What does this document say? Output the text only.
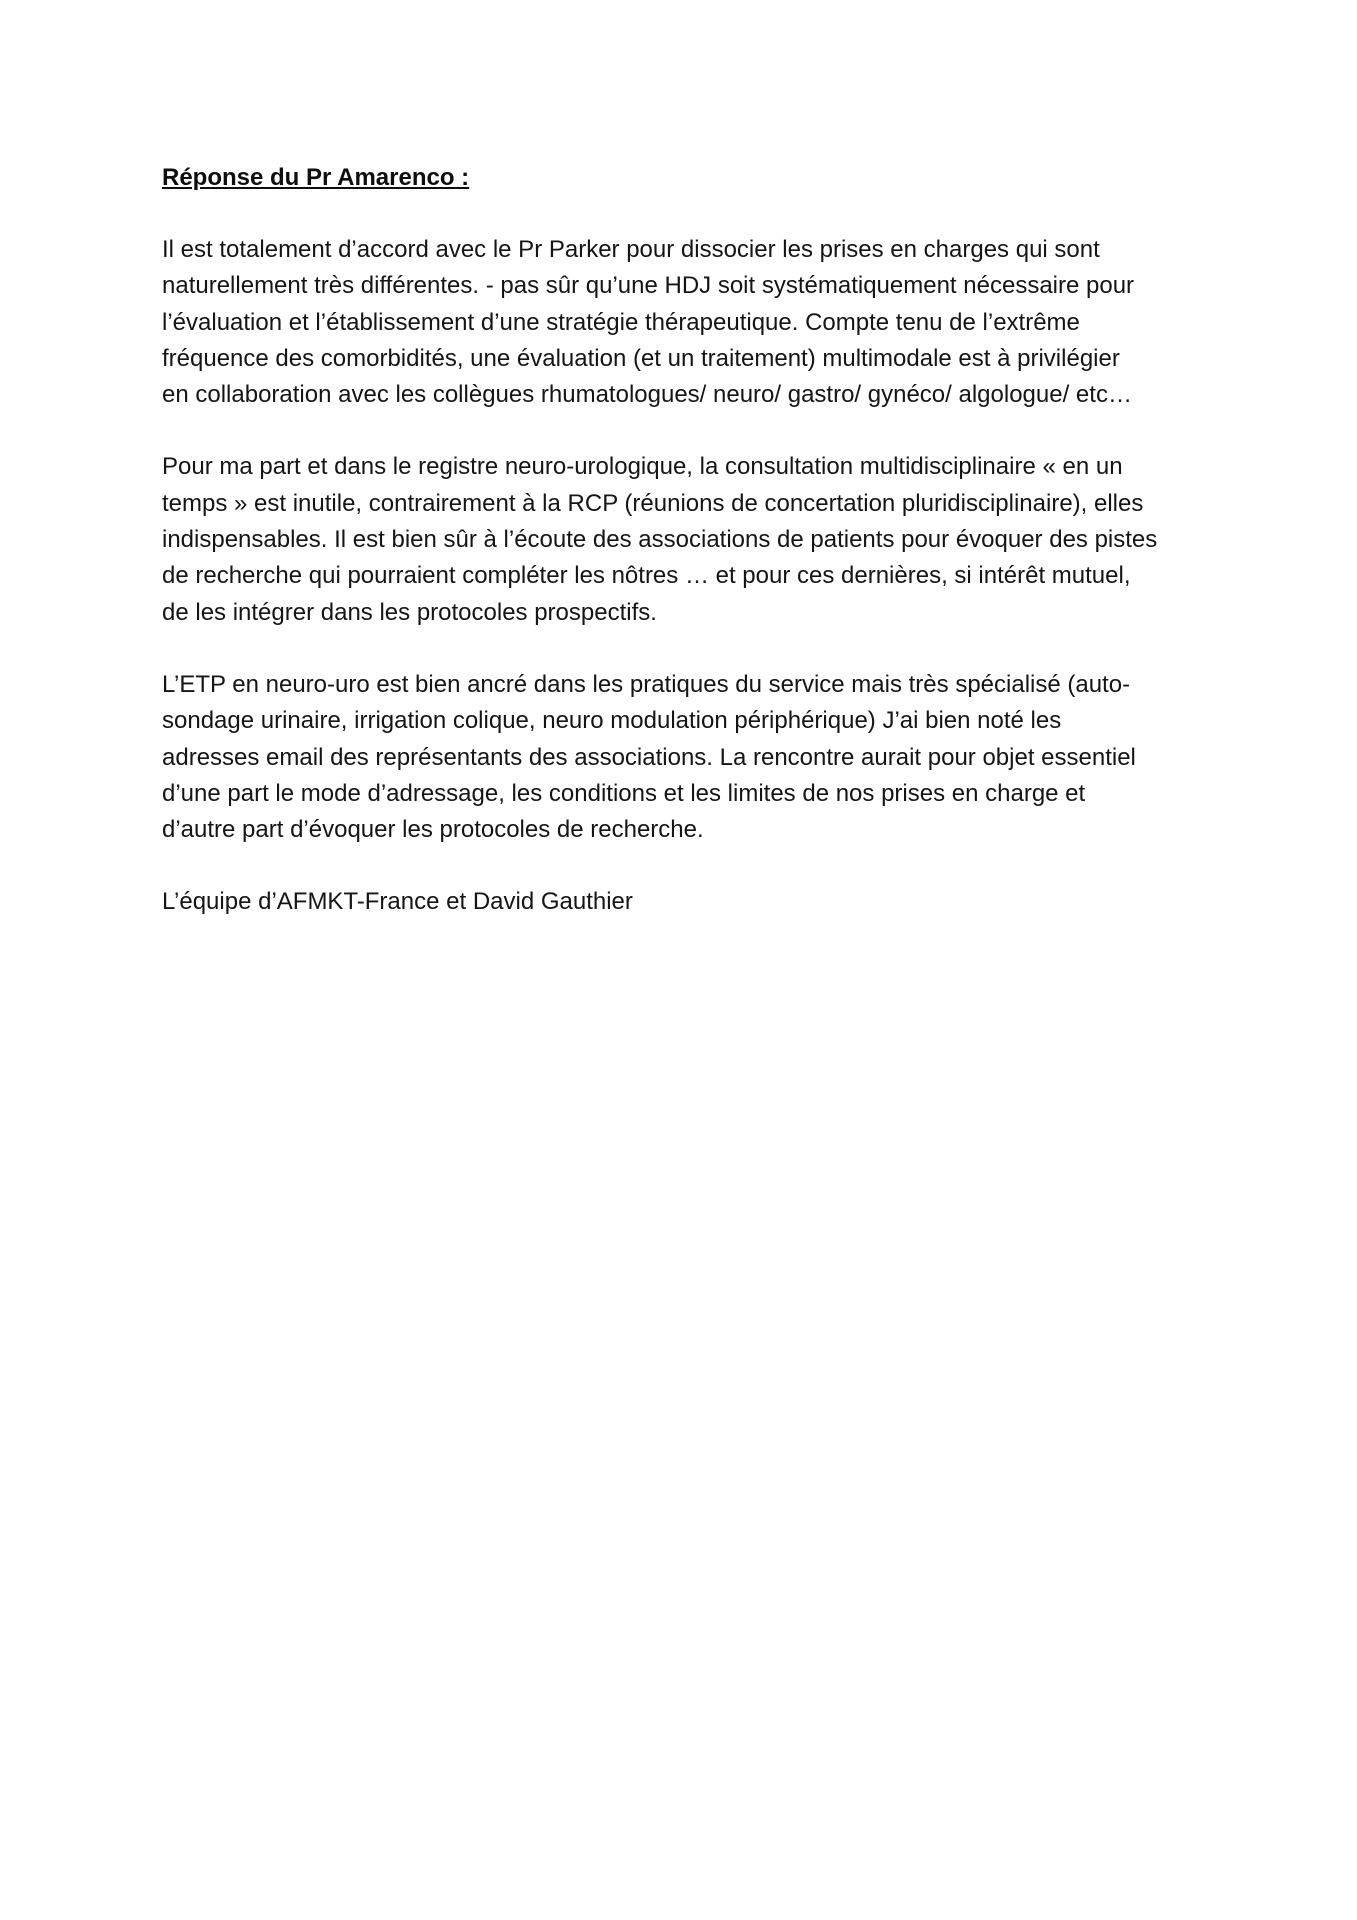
Réponse du Pr Amarenco :
Il est totalement d’accord avec le Pr Parker pour dissocier les prises en charges qui sont
naturellement très différentes. - pas sûr qu’une HDJ soit systématiquement nécessaire pour
l’évaluation et l’établissement d’une stratégie thérapeutique. Compte tenu de l’extrême
fréquence des comorbidités, une évaluation (et un traitement) multimodale est à privilégier
en collaboration avec les collègues rhumatologues/ neuro/ gastro/ gynéco/ algologue/ etc…
Pour ma part et dans le registre neuro-urologique, la consultation multidisciplinaire « en un
temps » est inutile, contrairement à la RCP (réunions de concertation pluridisciplinaire), elles
indispensables. Il est bien sûr à l’écoute des associations de patients pour évoquer des pistes
de recherche qui pourraient compléter les nôtres … et pour ces dernières, si intérêt mutuel,
de les intégrer dans les protocoles prospectifs.
L’ETP en neuro-uro est bien ancré dans les pratiques du service mais très spécialisé (auto-
sondage urinaire, irrigation colique, neuro modulation périphérique) J’ai bien noté les
adresses email des représentants des associations. La rencontre aurait pour objet essentiel
d’une part le mode d’adressage, les conditions et les limites de nos prises en charge et
d’autre part d’évoquer les protocoles de recherche.
L’équipe d’AFMKT-France et David Gauthier
